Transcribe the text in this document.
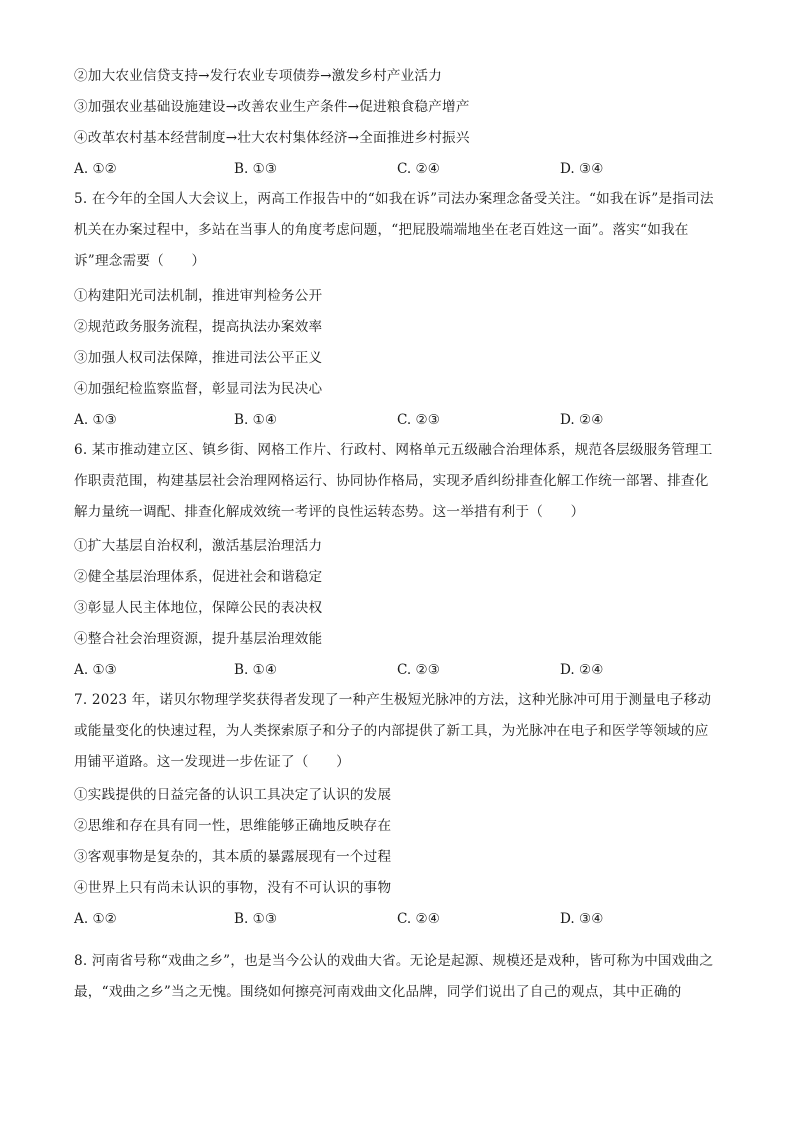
②加大农业信贷支持→发行农业专项债券→激发乡村产业活力
③加强农业基础设施建设→改善农业生产条件→促进粮食稳产增产
④改革农村基本经营制度→壮大农村集体经济→全面推进乡村振兴
A. ①②	B. ①③	C. ②④	D. ③④
5. 在今年的全国人大会议上，两高工作报告中的“如我在诉”司法办案理念备受关注。“如我在诉”是指司法机关在办案过程中，多站在当事人的角度考虑问题，“把屁股端端地坐在老百姓这一面”。落实“如我在诉”理念需要（　　）
①构建阳光司法机制，推进审判检务公开
②规范政务服务流程，提高执法办案效率
③加强人权司法保障，推进司法公平正义
④加强纪检监察监督，彰显司法为民决心
A. ①③	B. ①④	C. ②③	D. ②④
6. 某市推动建立区、镇乡街、网格工作片、行政村、网格单元五级融合治理体系，规范各层级服务管理工作职责范围，构建基层社会治理网格运行、协同协作格局，实现矛盾纠纷排查化解工作统一部署、排查化解力量统一调配、排查化解成效统一考评的良性运转态势。这一举措有利于（　　）
①扩大基层自治权利，激活基层治理活力
②健全基层治理体系，促进社会和谐稳定
③彰显人民主体地位，保障公民的表决权
④整合社会治理资源，提升基层治理效能
A. ①③	B. ①④	C. ②③	D. ②④
7. 2023 年，诺贝尔物理学奖获得者发现了一种产生极短光脉冲的方法，这种光脉冲可用于测量电子移动或能量变化的快速过程，为人类探索原子和分子的内部提供了新工具，为光脉冲在电子和医学等领域的应用铺平道路。这一发现进一步佐证了（　　）
①实践提供的日益完备的认识工具决定了认识的发展
②思维和存在具有同一性，思维能够正确地反映存在
③客观事物是复杂的，其本质的暴露展现有一个过程
④世界上只有尚未认识的事物，没有不可认识的事物
A. ①②	B. ①③	C. ②④	D. ③④
8. 河南省号称“戏曲之乡”，也是当今公认的戏曲大省。无论是起源、规模还是戏种，皆可称为中国戏曲之最，“戏曲之乡”当之无愧。围绕如何擦亮河南戏曲文化品牌，同学们说出了自己的观点，其中正确的
